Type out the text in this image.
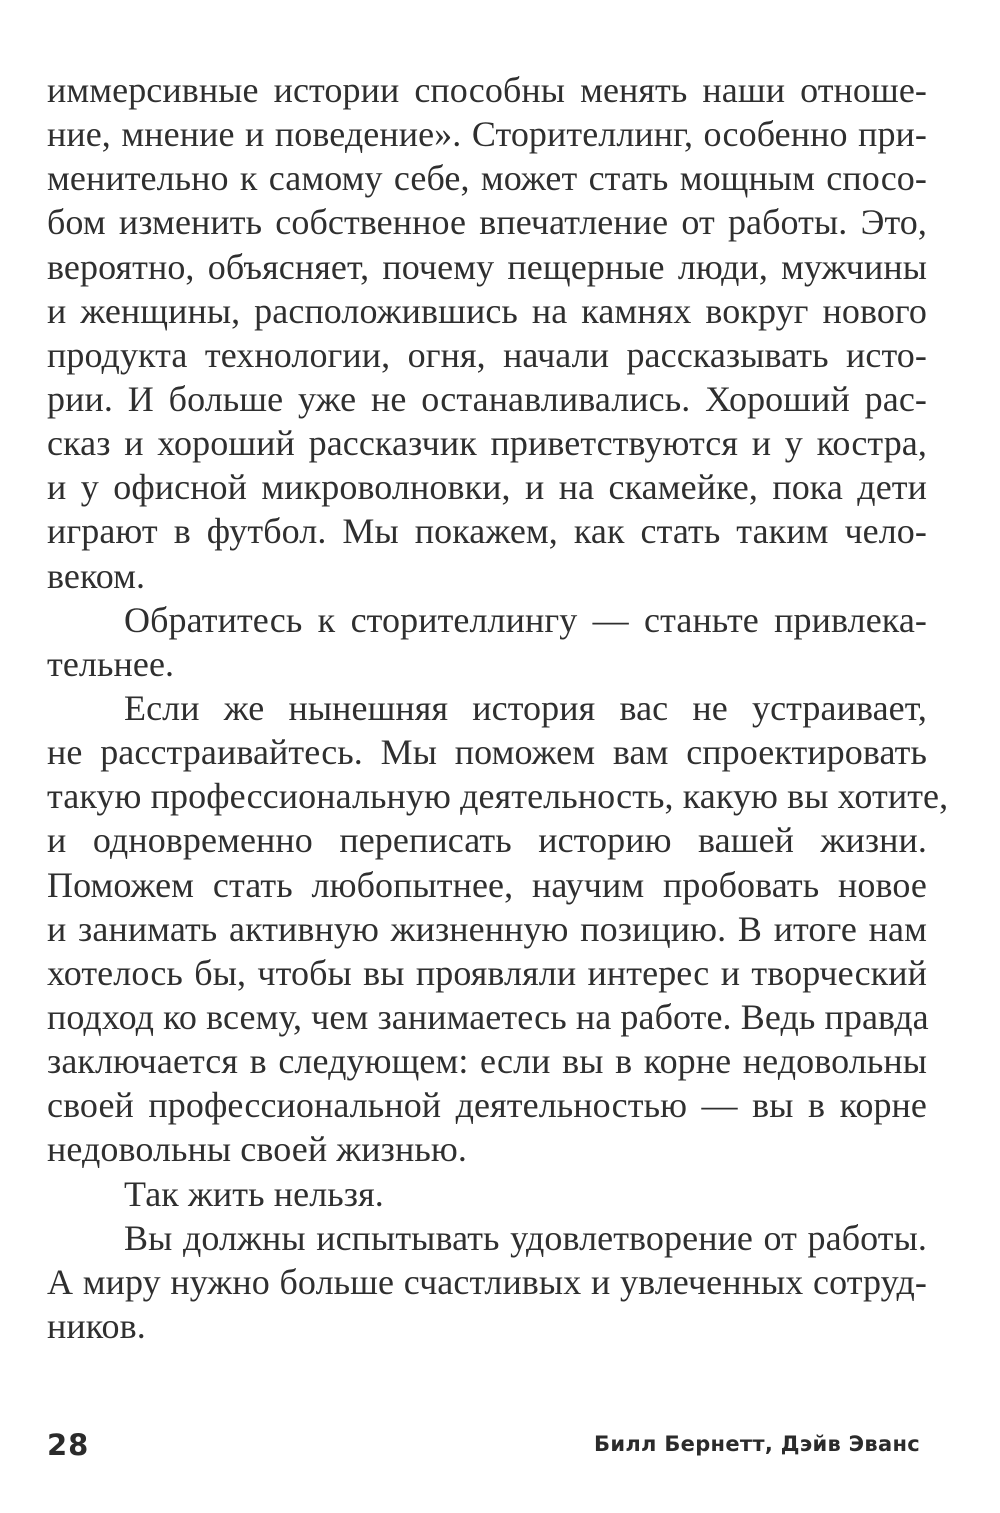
иммерсивные истории способны менять наши отноше-
ние, мнение и поведение». Сторителлинг, особенно при-
менительно к самому себе, может стать мощным спосо-
бом изменить собственное впечатление от работы. Это,
вероятно, объясняет, почему пещерные люди, мужчины
и женщины, расположившись на камнях вокруг нового
продукта технологии, огня, начали рассказывать исто-
рии. И больше уже не останавливались. Хороший рас-
сказ и хороший рассказчик приветствуются и у костра,
и у офисной микроволновки, и на скамейке, пока дети
играют в футбол. Мы покажем, как стать таким чело-
веком.
Обратитесь к сторителлингу — станьте привлека-
тельнее.
Если же нынешняя история вас не устраивает,
не расстраивайтесь. Мы поможем вам спроектировать
такую профессиональную деятельность, какую вы хотите,
и одновременно переписать историю вашей жизни.
Поможем стать любопытнее, научим пробовать новое
и занимать активную жизненную позицию. В итоге нам
хотелось бы, чтобы вы проявляли интерес и творческий
подход ко всему, чем занимаетесь на работе. Ведь правда
заключается в следующем: если вы в корне недовольны
своей профессиональной деятельностью — вы в корне
недовольны своей жизнью.
Так жить нельзя.
Вы должны испытывать удовлетворение от работы.
А миру нужно больше счастливых и увлеченных сотруд-
ников.
28	Билл Бернетт, Дэйв Эванс
